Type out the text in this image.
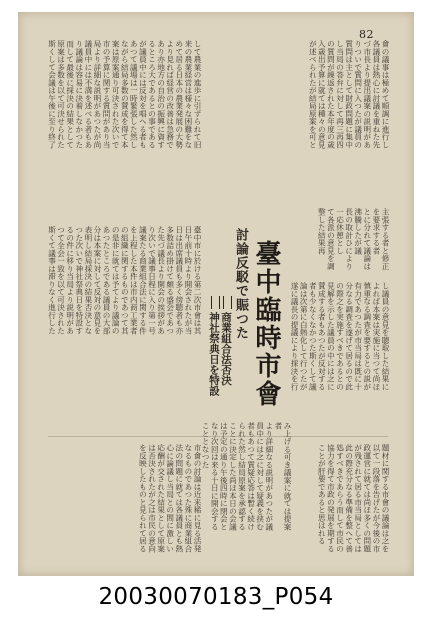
82
會の議事は極めて順調に進行し
各議員は熱心に討議を重ねた先
づ市長より提出議案の説明があ
りついで質問に入つたが議員の
質問は主として財政問題に集中
し当局の答弁に対して再三再四
の質問が繰返された本年度の歳
入歳出予算に就ては種々の意見
が述べられたが結局原案を可と
主張する者と修正を要求する者
とに分れて議論は沸騰したが議
長の取計ひにより一応休憩とし
て各派の意見を調整した結果再
して農業の進歩に引ずられて旧
来の農業経営は様々な困難をな
めて居る日本の農業発展の大勢
より見れば経営の改善は急務で
あり亦地方の自治の振興に資す
るところ大であるとの事である
が議員中には反対を唱へる者も
あつて議場は一時緊張した然し
ながら結局多数の賛成を得て本
案は原案通り可決された次いで
市の予算に関する質問があり当
局より詳細な説明があつたが尚
議員中には不満を述べる者もあ
り議論は容易に決着しなかつた
而して最後に採決の結果として
原案は多数を以て可決せられた
斯くして会議は午後に至り終了
臺中市に於ける第二次市會は其
日午前十時より開会されたが当
日は出席議員も多く傍聴者も亦
多数詰め掛けて頗る盛会であつ
た先づ議長より開会の挨拶があ
り次いで議事日程に入り第一号
議案たる商業組合法に関する件
を上程した本件は市内商工業者
の組織に関するものであつて其
の是非に就ては予てより議論の
あつたところである議員の大部
分は本案に対して反対の意見を
表明し結局採決の結果否決とな
つた次いで神社祭典日を特設す
るの件に移り当局より説明があ
つて全会一致を以て可決された
斯くて議事は滞りなく進行した
し議員の意見を聴取した結果に
よれば本案は実施に当つて尚ほ
慎重なる調査を要するとの説が
有力であつたが市当局は既に十
分なる調査を遂げて居るので此
の際之を実施すべきであるとの
見解を示した議員の中には之に
賛成する者もあつたが反対する
者も少なくなかつた斯くして議
論は次第に白熱化して行つたが
遂に議長の提議により採決を行
み上げる可き議案に就ては提案者
より詳細なる説明があつたが議
員中には之に対して疑義を挟む
者もあつて質疑応答は暫く続け
られた然し結局原案を承認する
ことに決定した尚ほ本日の会議
は予定の通り午後四時に閉会と
なり次回は来る十日に開会する
こととなつた
市會の討論は近来稀に見る活発
なるものであつた殊に商業組合
法の問題に就ては各議員とも熱
心に論議し当局との間に激しい
応酬が交された結果として原案
は否決されたが之は市民の意向
を反映したものと見られて居る	題材に関する市會の議論は之を
以て一段落を告げたが今後の市
政運営に就ては尚ほ多くの問題
が残されて居る市当局としては
此の際充分なる準備を整へて善
処すべきであらう而して市民の
協力を得て市政の発展を期する
ことが肝要であると思はれる
討論反駁で賑つた 臺中臨時市會
商業組合法否決
神社祭典日を特設
20030070183_P054
